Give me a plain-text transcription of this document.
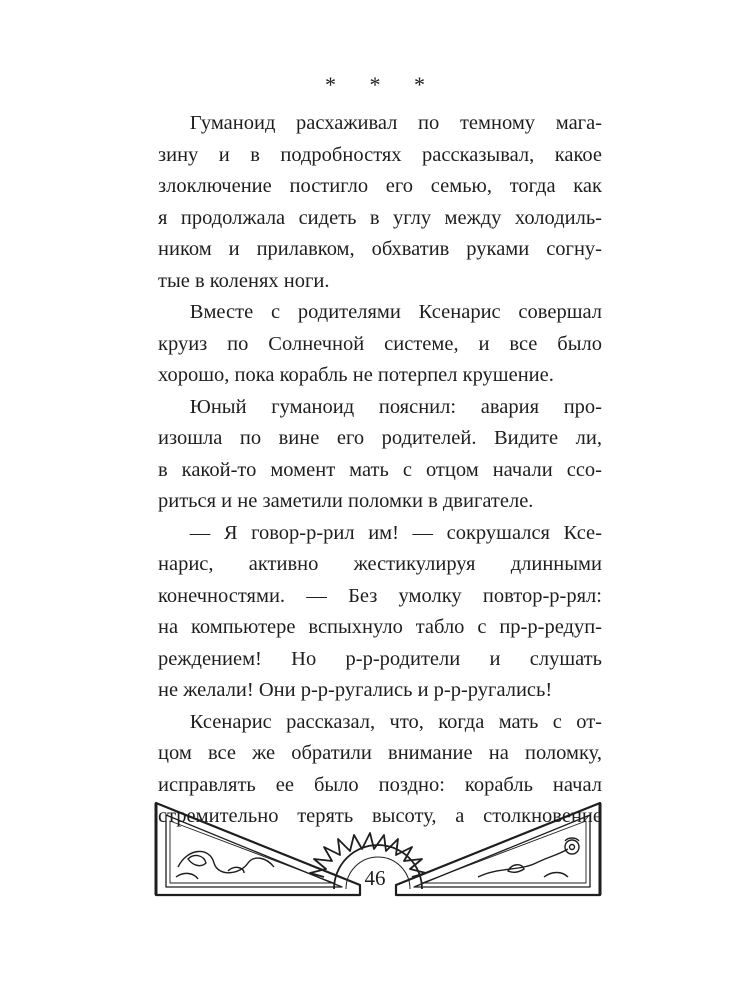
* * *
Гуманоид расхаживал по темному мага-
зину и в подробностях рассказывал, какое
злоключение постигло его семью, тогда как
я продолжала сидеть в углу между холодиль-
ником и прилавком, обхватив руками согну-
тые в коленях ноги.
Вместе с родителями Ксенарис совершал
круиз по Солнечной системе, и все было
хорошо, пока корабль не потерпел крушение.
Юный гуманоид пояснил: авария про-
изошла по вине его родителей. Видите ли,
в какой-то момент мать с отцом начали ссо-
риться и не заметили поломки в двигателе.
— Я говор-р-рил им! — сокрушался Ксе-
нарис, активно жестикулируя длинными
конечностями. — Без умолку повтор-р-рял:
на компьютере вспыхнуло табло с пр-р-редуп-
реждением! Но р-р-родители и слушать
не желали! Они р-р-ругались и р-р-ругались!
Ксенарис рассказал, что, когда мать с от-
цом все же обратили внимание на поломку,
исправлять ее было поздно: корабль начал
стремительно терять высоту, а столкновение
46
